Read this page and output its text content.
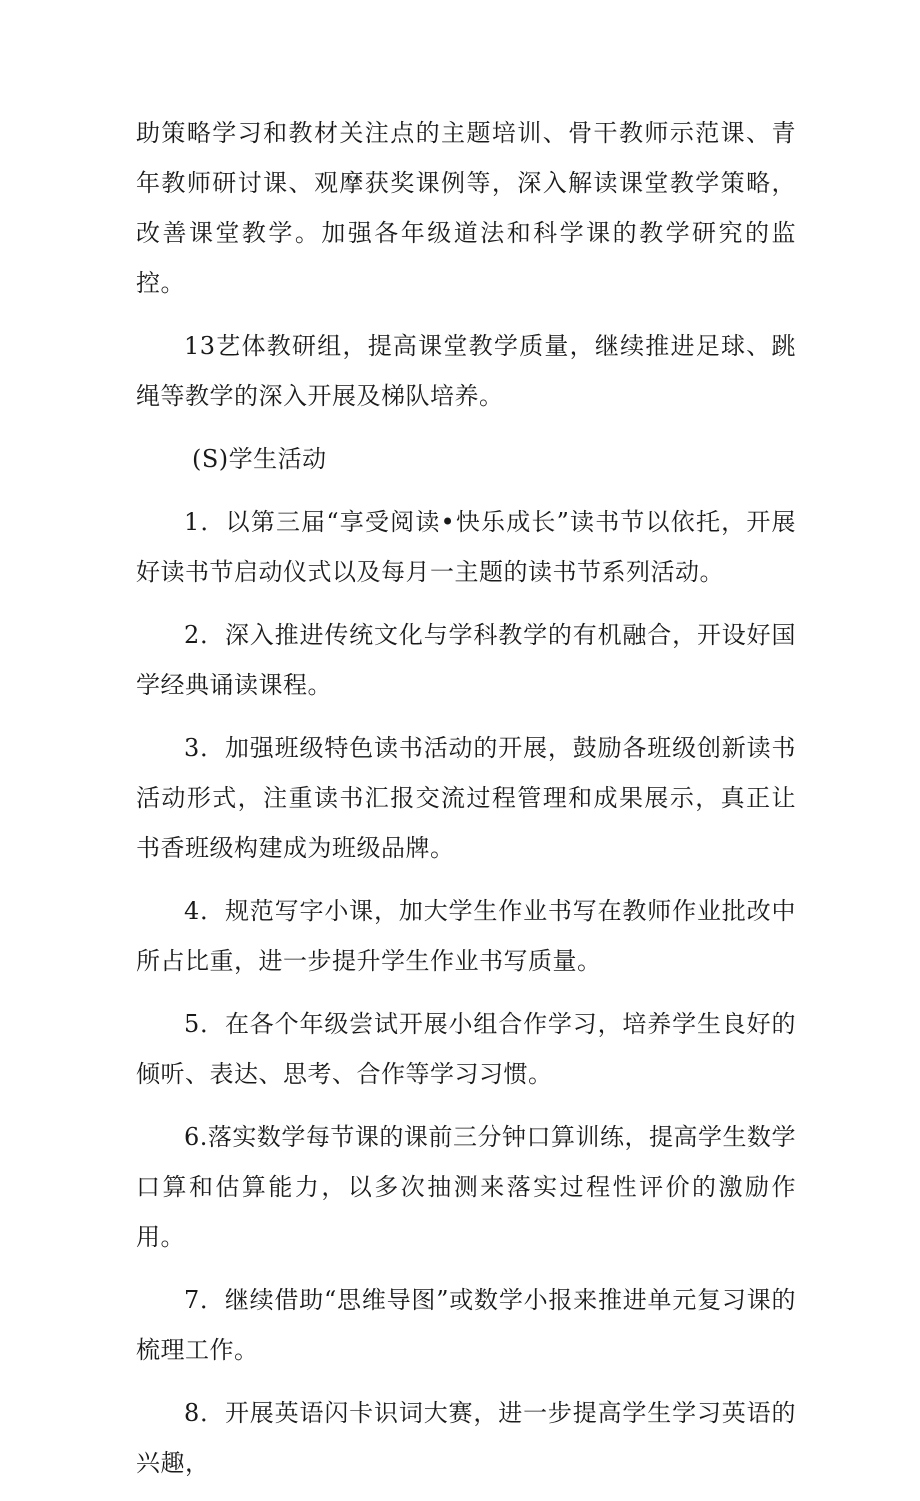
助策略学习和教材关注点的主题培训、骨干教师示范课、青年教师研讨课、观摩获奖课例等，深入解读课堂教学策略，改善课堂教学。加强各年级道法和科学课的教学研究的监控。

13艺体教研组，提高课堂教学质量，继续推进足球、跳绳等教学的深入开展及梯队培养。

(S)学生活动

1．以第三届“享受阅读•快乐成长”读书节以依托，开展好读书节启动仪式以及每月一主题的读书节系列活动。

2．深入推进传统文化与学科教学的有机融合，开设好国学经典诵读课程。

3．加强班级特色读书活动的开展，鼓励各班级创新读书活动形式，注重读书汇报交流过程管理和成果展示，真正让书香班级构建成为班级品牌。

4．规范写字小课，加大学生作业书写在教师作业批改中所占比重，进一步提升学生作业书写质量。

5．在各个年级尝试开展小组合作学习，培养学生良好的倾听、表达、思考、合作等学习习惯。

6.落实数学每节课的课前三分钟口算训练，提高学生数学口算和估算能力，以多次抽测来落实过程性评价的激励作用。

7．继续借助“思维导图”或数学小报来推进单元复习课的梳理工作。

8．开展英语闪卡识词大赛，进一步提高学生学习英语的兴趣，
